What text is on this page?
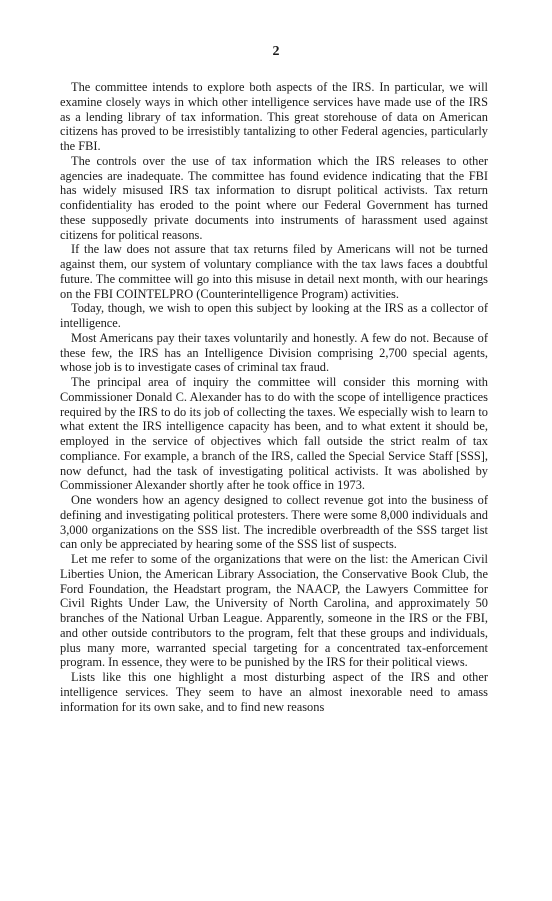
2

The committee intends to explore both aspects of the IRS. In particular, we will examine closely ways in which other intelligence services have made use of the IRS as a lending library of tax information. This great storehouse of data on American citizens has proved to be irresistibly tantalizing to other Federal agencies, particularly the FBI.

The controls over the use of tax information which the IRS releases to other agencies are inadequate. The committee has found evidence indicating that the FBI has widely misused IRS tax information to disrupt political activists. Tax return confidentiality has eroded to the point where our Federal Government has turned these supposedly private documents into instruments of harassment used against citizens for political reasons.

If the law does not assure that tax returns filed by Americans will not be turned against them, our system of voluntary compliance with the tax laws faces a doubtful future. The committee will go into this misuse in detail next month, with our hearings on the FBI COINTELPRO (Counterintelligence Program) activities.

Today, though, we wish to open this subject by looking at the IRS as a collector of intelligence.

Most Americans pay their taxes voluntarily and honestly. A few do not. Because of these few, the IRS has an Intelligence Division comprising 2,700 special agents, whose job is to investigate cases of criminal tax fraud.

The principal area of inquiry the committee will consider this morning with Commissioner Donald C. Alexander has to do with the scope of intelligence practices required by the IRS to do its job of collecting the taxes. We especially wish to learn to what extent the IRS intelligence capacity has been, and to what extent it should be, employed in the service of objectives which fall outside the strict realm of tax compliance. For example, a branch of the IRS, called the Special Service Staff [SSS], now defunct, had the task of investigating political activists. It was abolished by Commissioner Alexander shortly after he took office in 1973.

One wonders how an agency designed to collect revenue got into the business of defining and investigating political protesters. There were some 8,000 individuals and 3,000 organizations on the SSS list. The incredible overbreadth of the SSS target list can only be appreciated by hearing some of the SSS list of suspects.

Let me refer to some of the organizations that were on the list: the American Civil Liberties Union, the American Library Association, the Conservative Book Club, the Ford Foundation, the Headstart program, the NAACP, the Lawyers Committee for Civil Rights Under Law, the University of North Carolina, and approximately 50 branches of the National Urban League. Apparently, someone in the IRS or the FBI, and other outside contributors to the program, felt that these groups and individuals, plus many more, warranted special targeting for a concentrated tax-enforcement program. In essence, they were to be punished by the IRS for their political views.

Lists like this one highlight a most disturbing aspect of the IRS and other intelligence services. They seem to have an almost inexorable need to amass information for its own sake, and to find new reasons
